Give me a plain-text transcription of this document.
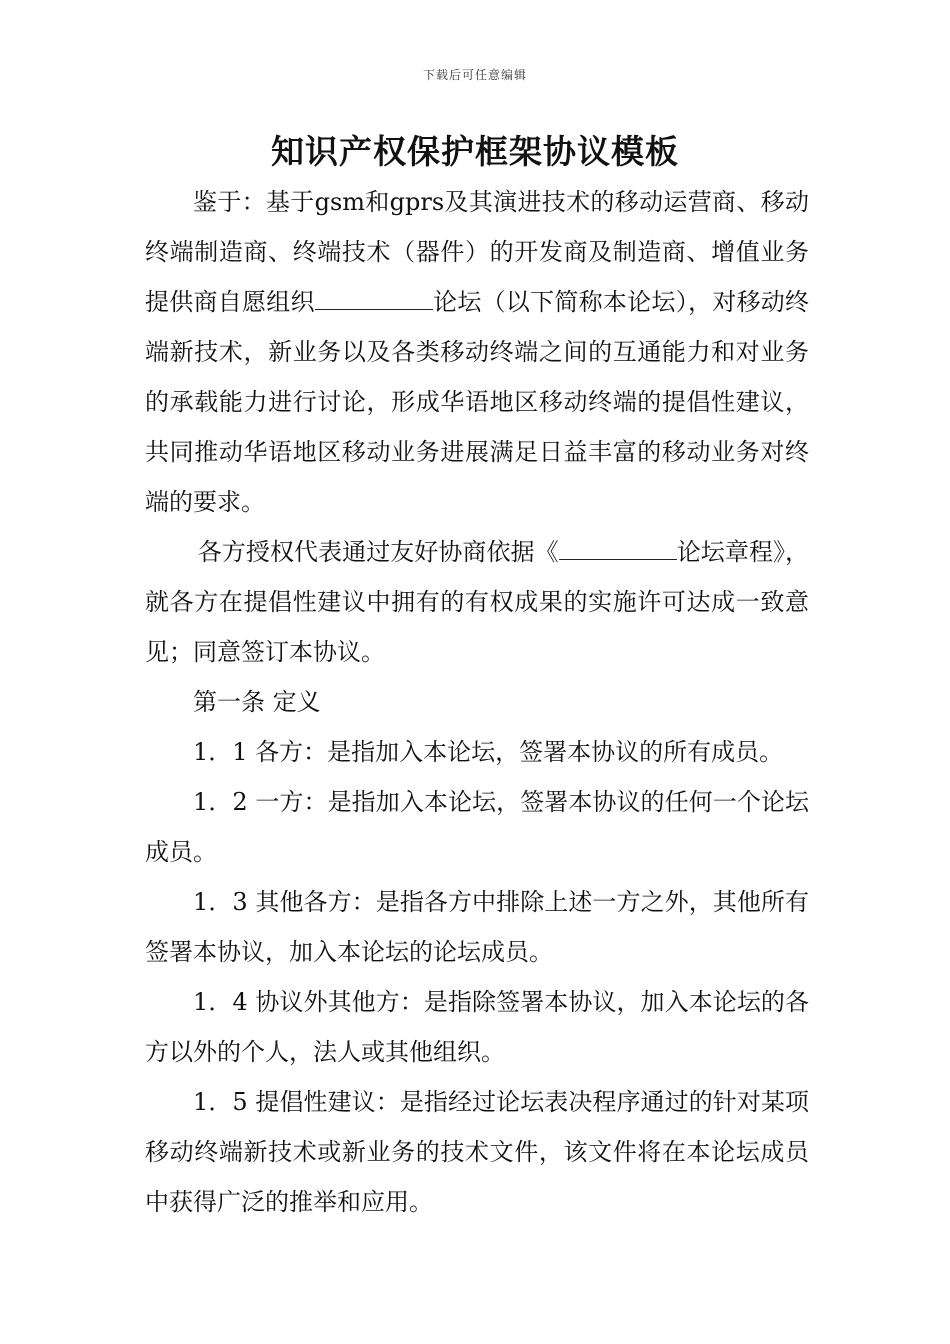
下载后可任意编辑
知识产权保护框架协议模板

鉴于：基于gsm和gprs及其演进技术的移动运营商、移动终端制造商、终端技术（器件）的开发商及制造商、增值业务提供商自愿组织	论坛（以下简称本论坛），对移动终端新技术，新业务以及各类移动终端之间的互通能力和对业务的承载能力进行讨论，形成华语地区移动终端的提倡性建议，共同推动华语地区移动业务进展满足日益丰富的移动业务对终端的要求。

各方授权代表通过友好协商依据《	论坛章程》，就各方在提倡性建议中拥有的有权成果的实施许可达成一致意见；同意签订本协议。

第一条 定义

1．1 各方：是指加入本论坛，签署本协议的所有成员。

1．2 一方：是指加入本论坛，签署本协议的任何一个论坛成员。

1．3 其他各方：是指各方中排除上述一方之外，其他所有签署本协议，加入本论坛的论坛成员。

1．4 协议外其他方：是指除签署本协议，加入本论坛的各方以外的个人，法人或其他组织。

1．5 提倡性建议：是指经过论坛表决程序通过的针对某项移动终端新技术或新业务的技术文件，该文件将在本论坛成员中获得广泛的推举和应用。
